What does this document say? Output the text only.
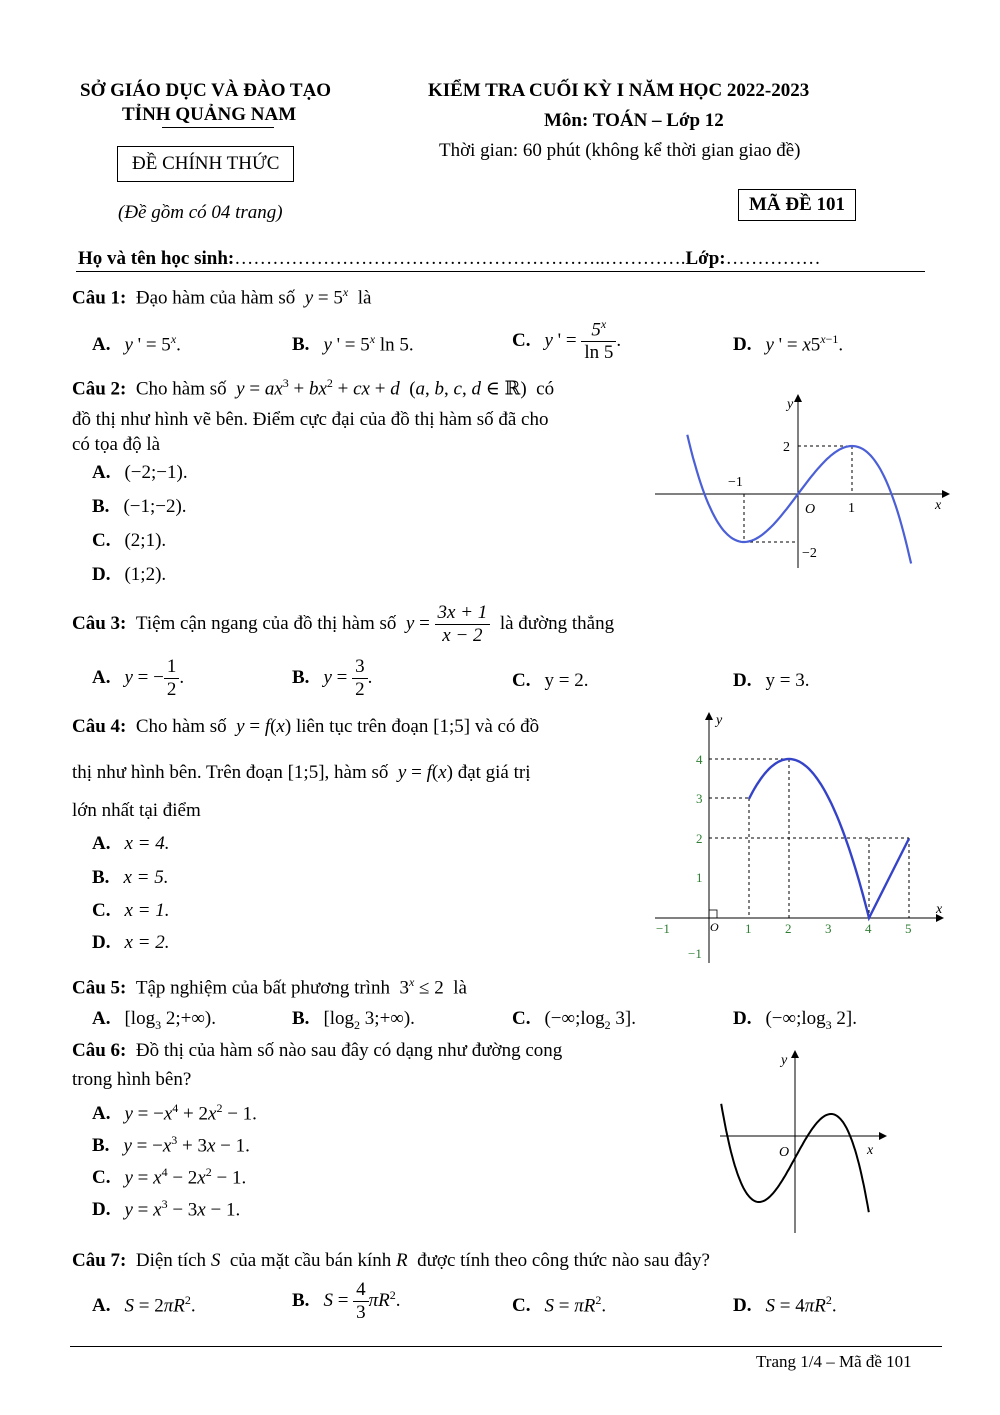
SỞ GIÁO DỤC VÀ ĐÀO TẠO
TỈNH QUẢNG NAM
ĐỀ CHÍNH THỨC
(Đề gồm có 04 trang)
KIỂM TRA CUỐI KỲ I NĂM HỌC 2022-2023
Môn: TOÁN – Lớp 12
Thời gian: 60 phút (không kể thời gian giao đề)
MÃ ĐỀ 101
Họ và tên học sinh:…………………………………………………..………….Lớp:……………
Câu 1: Đạo hàm của hàm số $y = 5^x$ là
A. y ' = $5^x$.	B. y ' = $5^x$ ln 5.	C. y ' = $\frac{5^x}{\ln 5}$ .	D. y ' = $x5^{x-1}$.
Câu 2: Cho hàm số $y = ax^3 + bx^2$ + cx + d  (a, b, c, d ∈ ℝ)  có
đồ thị như hình vẽ bên. Điểm cực đại của đồ thị hàm số đã cho
có tọa độ là
A. (−2;−1).
B. (−1;−2).
C. (2;1).
D. (1;2).
y
x
O
2
−2
−1
1
Câu 3: Tiệm cận ngang của đồ thị hàm số $y = \frac{3x + 1}{x - 2}$ là đường thẳng
A. y = − $\frac{1}{2}$ .	B. $y = \frac{3}{2}$ .	C. y = 2.	D. y = 3.
Câu 4: Cho hàm số y = f(x) liên tục trên đoạn [1;5] và có đồ
thị như hình bên. Trên đoạn [1;5], hàm số y = f(x) đạt giá trị
lớn nhất tại điểm
A. x = 4.
B. x = 5.
C. x = 1.
D. x = 2.
y
x
O
4
3
2
1
−1
−1	1	2	3	4	5
Câu 5: Tập nghiệm của bất phương trình  $3^x \le 2$  là
A. [$\log_3$ 2;+∞).	B. [$\log_2$ 3;+∞).	C. ($-\infty;\log_2$ 3].	D. ($-\infty;\log_3$ 2].
Câu 6: Đồ thị của hàm số nào sau đây có dạng như đường cong
trong hình bên?
A. $y = -x^4 + 2x^2 - 1$.
B. $y = -x^3 + 3x - 1$.
C. $y = x^4 - 2x^2 - 1$.
D. $y = x^3 - 3x - 1$.
y
x
O
Câu 7: Diện tích S của mặt cầu bán kính R được tính theo công thức nào sau đây?
A. $S = 2\pi R^2$.	B. $S = \frac{4}{3} \pi R^2$.	C. $S = \pi R^2$.	D. $S = 4\pi R^2$.
Trang 1/4 – Mã đề 101
